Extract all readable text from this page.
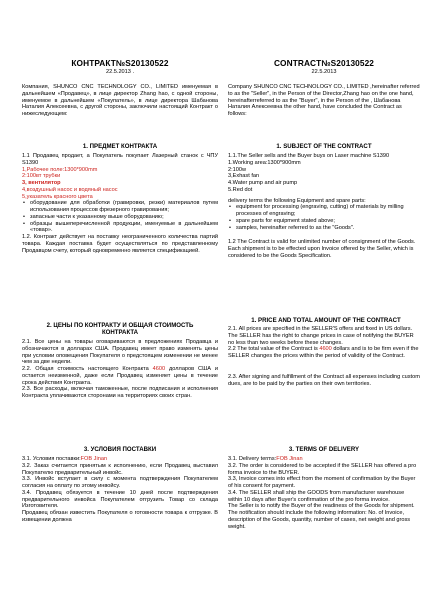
КОНТРАКТ№S20130522
22.5.2013 .
Компания, SHUNCO CNC TECHNOLOGY CO., LIMITED именуемая в дальнейшем «Продавец», в лице директор Zhang hao, с одной стороны, именуемое в дальнейшем «Покупатель», в лице директора Шабанова Наталия Алексеевна, с другой стороны, заключили настоящий Контракт о нижеследующем:
1. ПРЕДМЕТ КОНТРАКТА
1.1 Продавец продает, а Покупатель покупает Лазерный станок с ЧПУ S1390
1,Рабочее поле:1300*900mm
2:100вт трубки
3, вентилятор
4,воздушный насос и водяный насос
5,указатель красного цвета
• оборудование для обработки (гравировки, резки) материалов путем использования процессов фрезерного гравирования;
• запасные части к указанному выше оборудованию;
• образцы вышеперечисленной продукции, именуемые в дальнейшем «товар».
1.2. Контракт действует на поставку неограниченного количества партий товара. Каждая поставка будет осуществляться по представленному Продавцом счету, который одновременно является спецификацией.
2. ЦЕНЫ ПО КОНТРАКТУ И ОБЩАЯ СТОИМОСТЬ
КОНТРАКТА
2.1. Все цены на товары оговариваются в предложениях Продавца и обозначаются в долларах США. Продавец имеет право изменять цены при условии оповещения Покупателя о предстоящем изменении не менее чем за две недели.
2.2. Общая стоимость настоящего Контракта 4600 долларов США и остается неизменной, даже если Продавец изменяет цены в течение срока действия Контракта.
2.3. Все расходы, включая таможенные, после подписания и исполнения Контракта уплачиваются сторонами на территориях своих стран.
3. УСЛОВИЯ ПОСТАВКИ
3.1. Условия поставки:FOB Jinan
3.2. Заказ считается принятым к исполнению, если Продавец выставил Покупателю предварительный инвойс.
3.3. Инвойс вступает в силу с момента подтверждения Покупателем согласия на оплату по этому инвойсу.
3.4. Продавец обязуется в течение 10 дней после подтверждения предварительного инвойса Покупателем отгрузить Товар со склада Изготовителя.
Продавец обязан известить Покупателя о готовности товара к отгрузке. В извещении должна
CONTRACT№S20130522
22.5.2013
Company SHUNCO CNC TECHNOLOGY CO., LIMITED ,hereinafter referred to as the "Seller", in the Person of the Director,Zhang hao on the one hand, hereinafterreferred to as the "Buyer", in the Person of the , Шабанова Наталия Алексеевна the other hand, have concluded the Contract as follows:
1. SUBJECT OF THE CONTRACT
1.1.The Seller sells and the Buyer buys on Laser machine S1390
1.Working area:1300*900mm
2:100w
3,Exhast fan
4.Water pump and air pump
5.Red dot
delivery terms the following Equipment and spare parts:
• equipment for processing (engraving, cutting) of materials by milling processes of engraving;
• spare parts for equipment stated above;
• samples, hereinafter referred to as the "Goods".
1.2 The Contract is valid for unlimited number of consignment of the Goods. Each shipment is to be effected upon Invoice offered by the Seller, which is considered to be the Goods Specification.
1. PRICE AND TOTAL AMOUNT OF THE CONTRACT
2.1. All prices are specified in the SELLER'S offers and fixed in US dollars. The SELLER has the right to change prices in case of notifying the BUYER no less than two weeks before these changes.
2.2 The total value of the Contract is 4600 dollars and is to be firm even if the SELLER changes the prices within the period of validity of the Contract.
2.3. After signing and fulfillment of the Contract all expenses including custom dues, are to be paid by the parties on their own territories.
3. TERMS OF DELIVERY
3.1. Delivery terms:FOB Jinan
3.2. The order is considered to be accepted if the SELLER has offered a pro forma invoice to the BUYER.
3.3, Invoice comes into effect from the moment of confirmation by the Buyer of his consent for payment.
3.4. The SELLER shall ship the GOODS from manufacturer warehouse within 10 days after Buyer's confirmation of the pro forma invoice.
The Seller is to notify the Buyer of the readiness of the Goods for shipment. The notification should include the following information: No. of Invoice, description of the Goods, quantity, number of cases, net weight and gross weight.
